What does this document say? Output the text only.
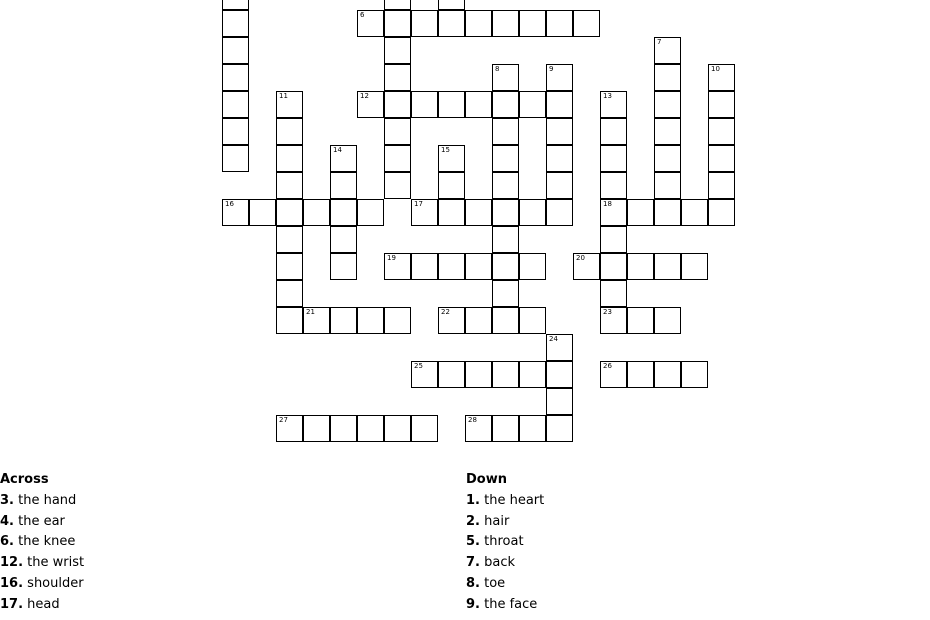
6
7
8	9	10
11	12	13
18
23
14	15
16	17
19	20
21	22
24
25	26
27	28
Across
3. the hand
4. the ear
6. the knee
12. the wrist
16. shoulder
17. head
Down
1. the heart
2. hair
5. throat
7. back
8. toe
9. the face
